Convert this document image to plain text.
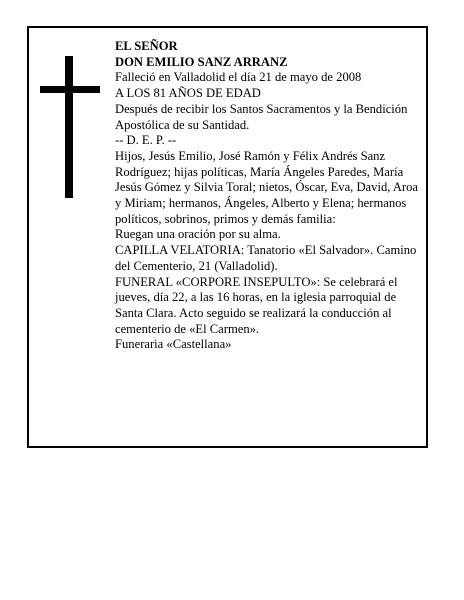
EL SEÑOR

DON EMILIO SANZ ARRANZ

Falleció en Valladolid el día 21 de mayo de 2008

A LOS 81 AÑOS DE EDAD

Después de recibir los Santos Sacramentos y la Bendición Apostólica de su Santidad.

-- D. E. P. --

Hijos, Jesús Emilio, José Ramón y Félix Andrés Sanz Rodríguez; hijas políticas, María Ángeles Paredes, María Jesús Gómez y Silvia Toral; nietos, Óscar, Eva, David, Aroa y Miriam; hermanos, Ángeles, Alberto y Elena; hermanos políticos, sobrinos, primos y demás familia:

Ruegan una oración por su alma.

CAPILLA VELATORIA: Tanatorio «El Salvador». Camino del Cementerio, 21 (Valladolid).

FUNERAL «CORPORE INSEPULTO»: Se celebrará el jueves, día 22, a las 16 horas, en la iglesia parroquial de Santa Clara. Acto seguido se realizará la conducción al cementerio de «El Carmen».

Funeraria «Castellana»
